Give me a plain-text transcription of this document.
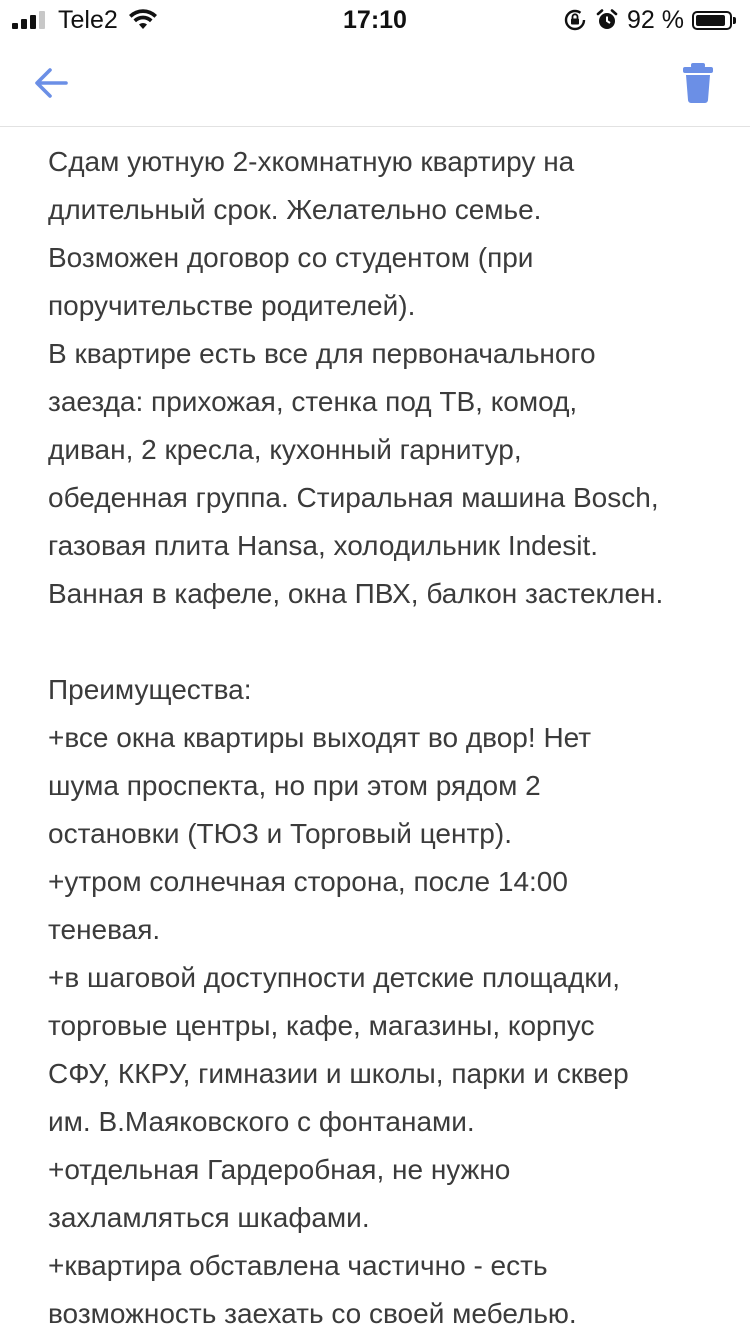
Tele2	17:10	92 %

Сдам уютную 2-хкомнатную квартиру на

длительный срок. Желательно семье.

Возможен договор со студентом (при

поручительстве родителей).

В квартире есть все для первоначального

заезда: прихожая, стенка под ТВ, комод,

диван, 2 кресла, кухонный гарнитур,

обеденная группа. Стиральная машина Bosch,

газовая плита Hansa, холодильник Indesit.

Ванная в кафеле, окна ПВХ, балкон застеклен.

Преимущества:

+все окна квартиры выходят во двор! Нет

шума проспекта, но при этом рядом 2

остановки (ТЮЗ и Торговый центр).

+утром солнечная сторона, после 14:00

теневая.

+в шаговой доступности детские площадки,

торговые центры, кафе, магазины, корпус

СФУ, ККРУ, гимназии и школы, парки и сквер

им. В.Маяковского с фонтанами.

+отдельная Гардеробная, не нужно

захламляться шкафами.

+квартира обставлена частично - есть

возможность заехать со своей мебелью.
